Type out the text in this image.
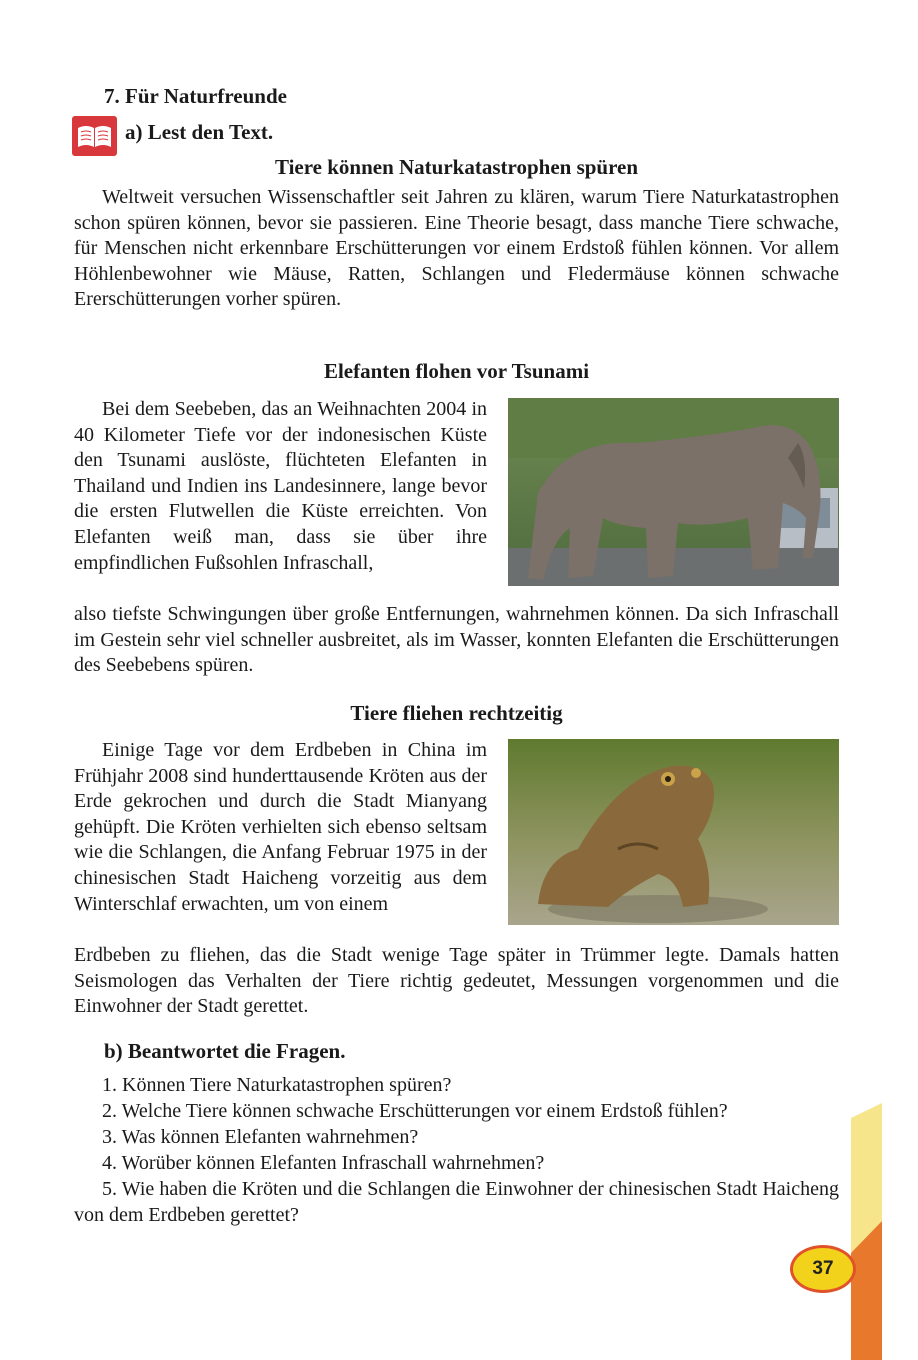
7. Für Naturfreunde
a) Lest den Text.
Tiere können Naturkatastrophen spüren

Weltweit versuchen Wissenschaftler seit Jahren zu klären, warum Tiere Naturkatastrophen schon spüren können, bevor sie passieren. Eine Theorie besagt, dass manche Tiere schwache, für Menschen nicht erkennbare Erschütterungen vor einem Erdstoß fühlen können. Vor allem Höhlenbewohner wie Mäuse, Ratten, Schlangen und Fledermäuse können schwache Ererschütterungen vorher spüren.

Elefanten flohen vor Tsunami

Bei dem Seebeben, das an Weihnachten 2004 in 40 Kilometer Tiefe vor der indonesischen Küste den Tsunami auslöste, flüchteten Elefanten in Thailand und Indien ins Landesinnere, lange bevor die ersten Flutwellen die Küste erreichten. Von Elefanten weiß man, dass sie über ihre empfindlichen Fußsohlen Infraschall,

also tiefste Schwingungen über große Entfernungen, wahrnehmen können. Da sich Infraschall im Gestein sehr viel schneller ausbreitet, als im Wasser, konnten Elefanten die Erschütterungen des Seebebens spüren.

Tiere fliehen rechtzeitig

Einige Tage vor dem Erdbeben in China im Frühjahr 2008 sind hunderttausende Kröten aus der Erde gekrochen und durch die Stadt Mianyang gehüpft. Die Kröten verhielten sich ebenso seltsam wie die Schlangen, die Anfang Februar 1975 in der chinesischen Stadt Haicheng vorzeitig aus dem Winterschlaf erwachten, um von einem

Erdbeben zu fliehen, das die Stadt wenige Tage später in Trümmer legte. Damals hatten Seismologen das Verhalten der Tiere richtig gedeutet, Messungen vorgenommen und die Einwohner der Stadt gerettet.

b) Beantwortet die Fragen.
1. Können Tiere Naturkatastrophen spüren?
2. Welche Tiere können schwache Erschütterungen vor einem Erdstoß fühlen?
3. Was können Elefanten wahrnehmen?
4. Worüber können Elefanten Infraschall wahrnehmen?
5. Wie haben die Kröten und die Schlangen die Einwohner der chinesischen Stadt Haicheng von dem Erdbeben gerettet?
37
